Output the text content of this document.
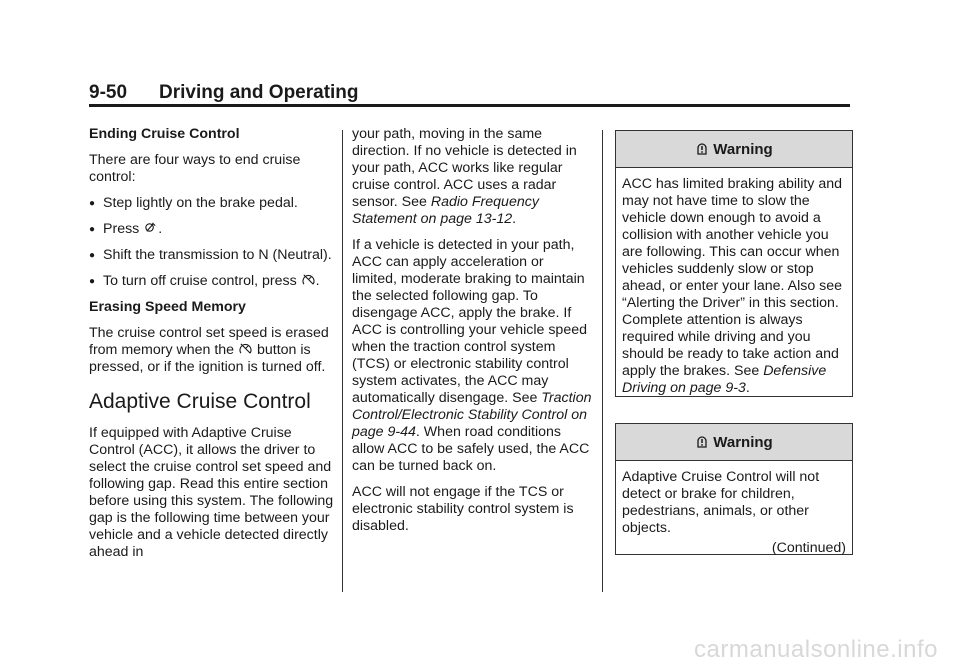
9-50 Driving and Operating

Ending Cruise Control

There are four ways to end cruise control:

● Step lightly on the brake pedal.
● Press .
● Shift the transmission to N (Neutral).
● To turn off cruise control, press .

Erasing Speed Memory

The cruise control set speed is erased from memory when the button is pressed, or if the ignition is turned off.

Adaptive Cruise Control

If equipped with Adaptive Cruise Control (ACC), it allows the driver to select the cruise control set speed and following gap. Read this entire section before using this system. The following gap is the following time between your vehicle and a vehicle detected directly ahead in

your path, moving in the same direction. If no vehicle is detected in your path, ACC works like regular cruise control. ACC uses a radar sensor. See Radio Frequency Statement on page 13-12.

If a vehicle is detected in your path, ACC can apply acceleration or limited, moderate braking to maintain the selected following gap. To disengage ACC, apply the brake. If ACC is controlling your vehicle speed when the traction control system (TCS) or electronic stability control system activates, the ACC may automatically disengage. See Traction Control/Electronic Stability Control on page 9-44. When road conditions allow ACC to be safely used, the ACC can be turned back on.

ACC will not engage if the TCS or electronic stability control system is disabled.

Warning
ACC has limited braking ability and may not have time to slow the vehicle down enough to avoid a collision with another vehicle you are following. This can occur when vehicles suddenly slow or stop ahead, or enter your lane. Also see “Alerting the Driver” in this section. Complete attention is always required while driving and you should be ready to take action and apply the brakes. See Defensive Driving on page 9-3.
Warning
Adaptive Cruise Control will not detect or brake for children, pedestrians, animals, or other objects.
(Continued)
carmanualsonline.info
